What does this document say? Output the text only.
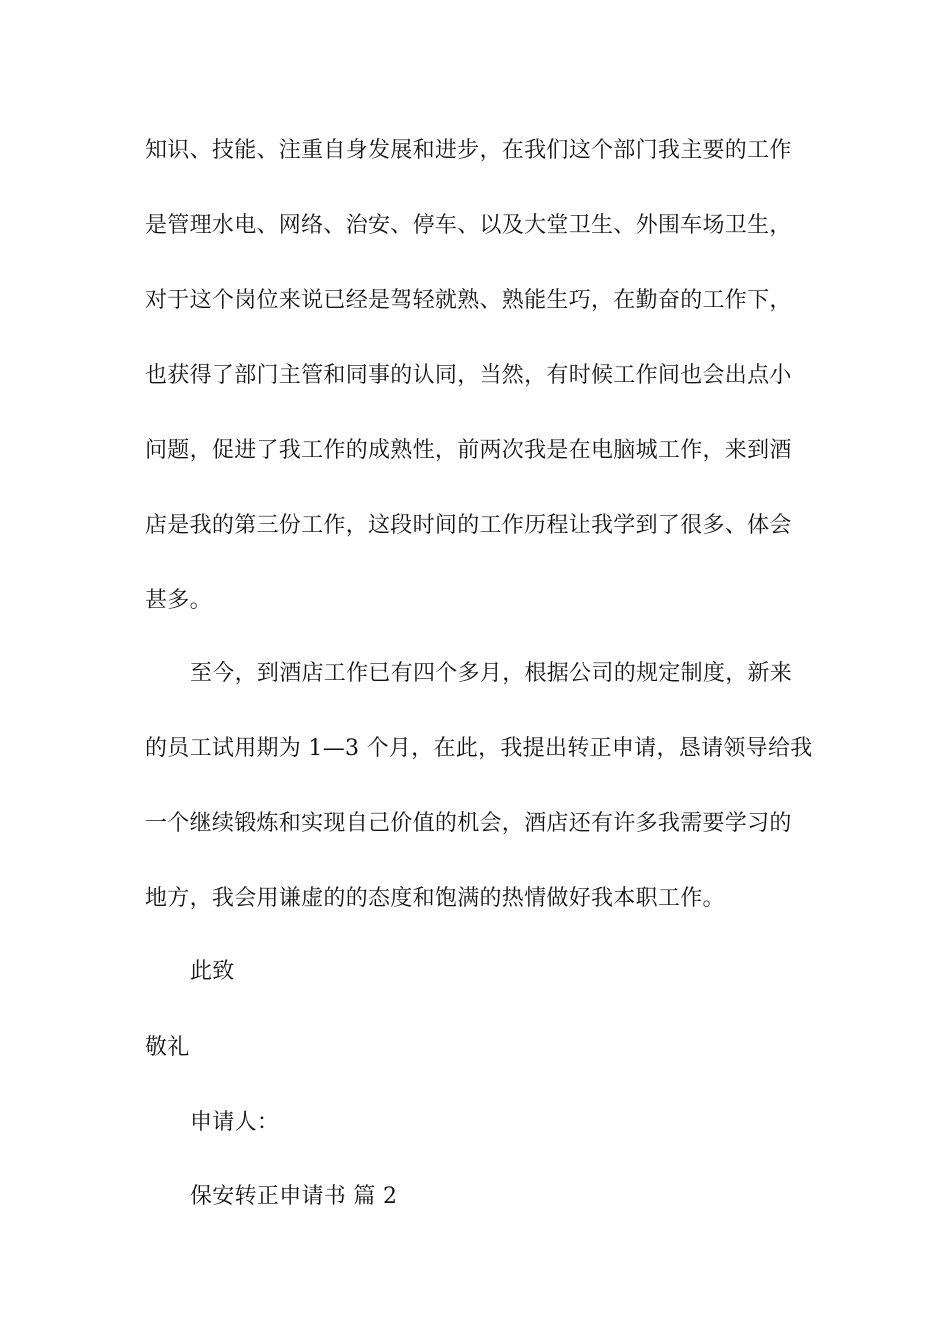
知识、技能、注重自身发展和进步，在我们这个部门我主要的工作
是管理水电、网络、治安、停车、以及大堂卫生、外围车场卫生，
对于这个岗位来说已经是驾轻就熟、熟能生巧，在勤奋的工作下，
也获得了部门主管和同事的认同，当然，有时候工作间也会出点小
问题，促进了我工作的成熟性，前两次我是在电脑城工作，来到酒
店是我的第三份工作，这段时间的工作历程让我学到了很多、体会
甚多。
至今，到酒店工作已有四个多月，根据公司的规定制度，新来
的员工试用期为 1—3 个月，在此，我提出转正申请，恳请领导给我
一个继续锻炼和实现自己价值的机会，酒店还有许多我需要学习的
地方，我会用谦虚的的态度和饱满的热情做好我本职工作。
此致
敬礼
申请人：
保安转正申请书 篇 2
